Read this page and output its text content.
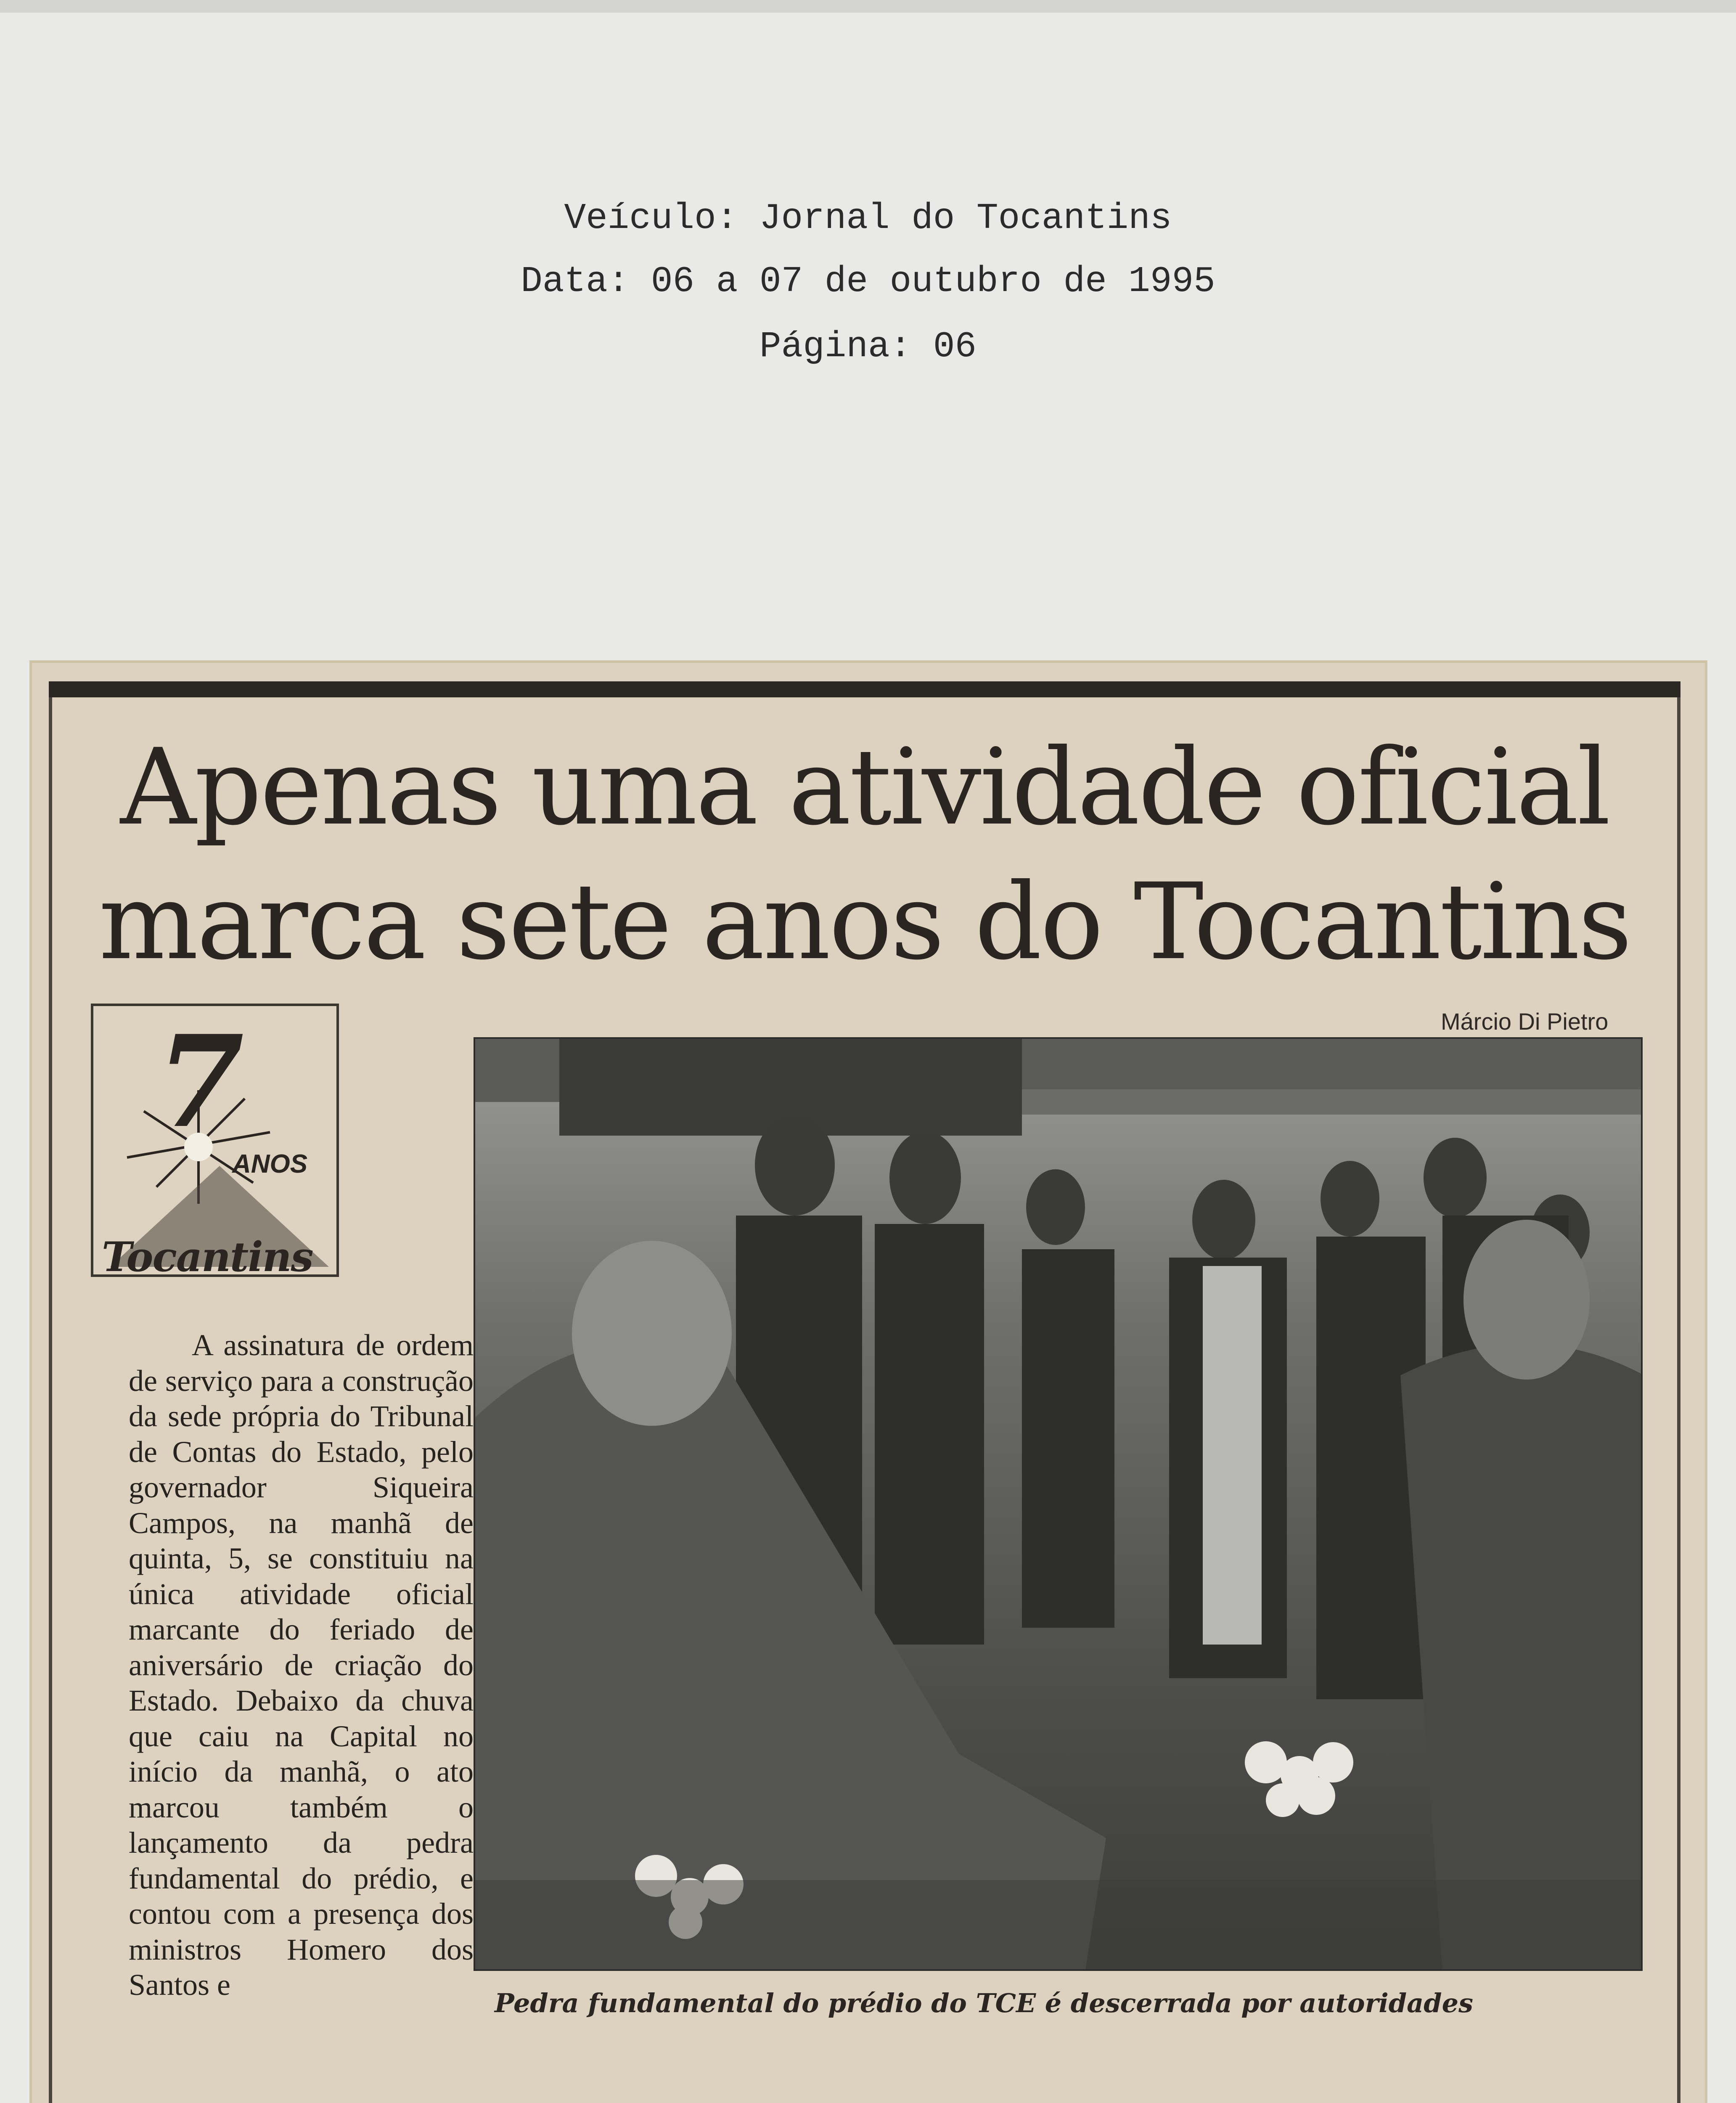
Veículo: Jornal do Tocantins
Data: 06 a 07 de outubro de 1995
Página: 06
Apenas uma atividade oficial
marca sete anos do Tocantins
Márcio Di Pietro
7
ANOS
Tocantins
Pedra fundamental do prédio do TCE é descerrada por autoridades

A assinatura de ordem de serviço para a construção da sede própria do Tribunal de Contas do Estado, pelo governador Siqueira Campos, na manhã de quinta, 5, se constituiu na única atividade oficial marcante do feriado de aniversário de criação do Estado. Debaixo da chuva que caiu na Capital no início da manhã, o ato marcou também o lançamento da pedra fundamental do prédio, e contou com a presença dos ministros Homero dos Santos e
